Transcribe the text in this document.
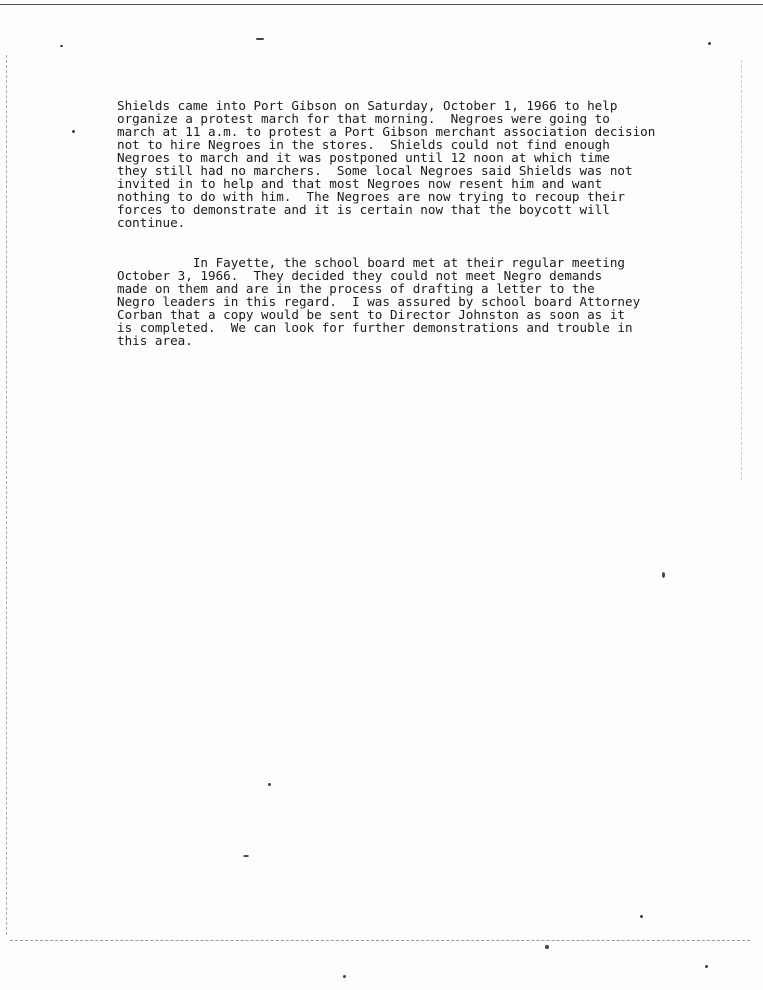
Shields came into Port Gibson on Saturday, October 1, 1966 to help
organize a protest march for that morning.  Negroes were going to
march at 11 a.m. to protest a Port Gibson merchant association decision
not to hire Negroes in the stores.  Shields could not find enough
Negroes to march and it was postponed until 12 noon at which time
they still had no marchers.  Some local Negroes said Shields was not
invited in to help and that most Negroes now resent him and want
nothing to do with him.  The Negroes are now trying to recoup their
forces to demonstrate and it is certain now that the boycott will
continue.

In Fayette, the school board met at their regular meeting
October 3, 1966.  They decided they could not meet Negro demands
made on them and are in the process of drafting a letter to the
Negro leaders in this regard.  I was assured by school board Attorney
Corban that a copy would be sent to Director Johnston as soon as it
is completed.  We can look for further demonstrations and trouble in
this area.
